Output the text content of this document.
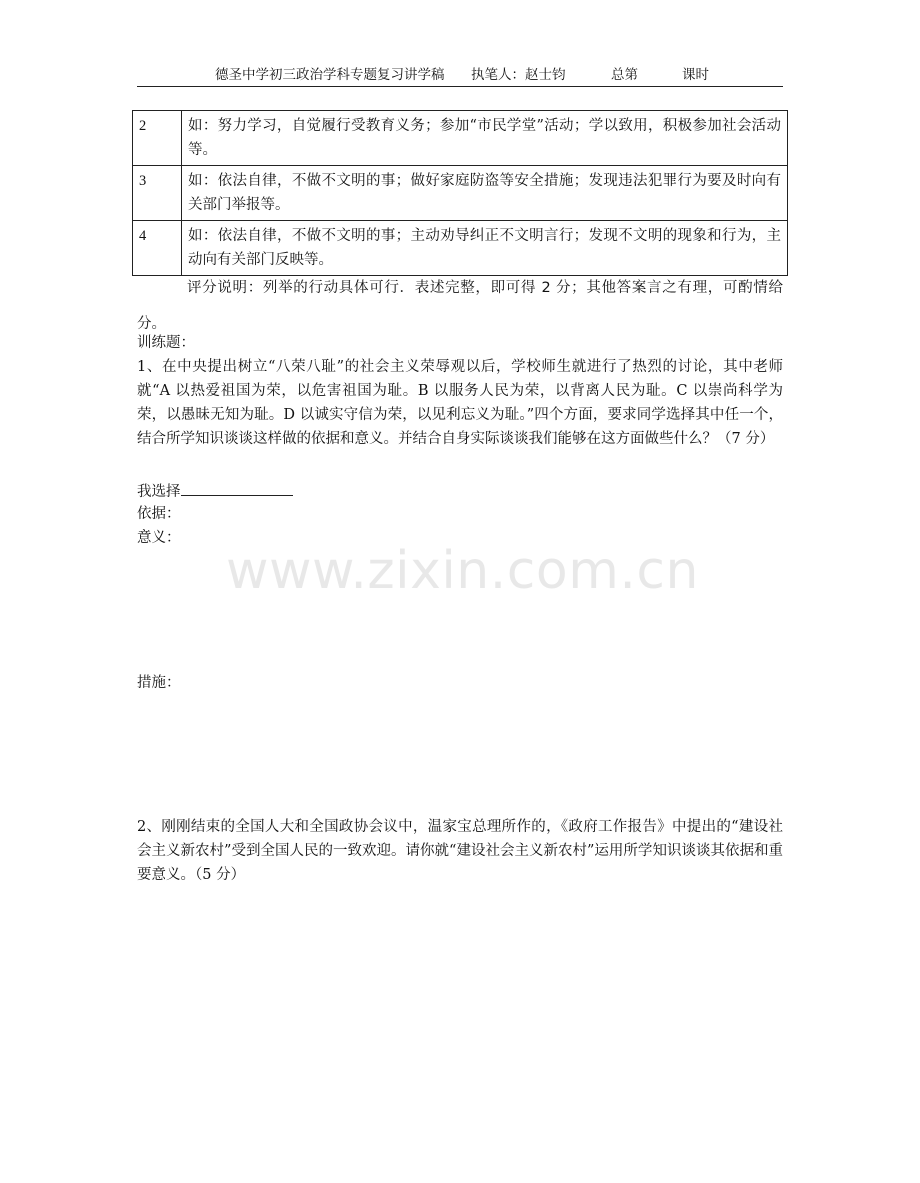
德圣中学初三政治学科专题复习讲学稿 执笔人：赵士钧	总第	课时
2	如：努力学习，自觉履行受教育义务；参加“市民学堂”活动；学以致用，积极参加社会活动等。
3	如：依法自律，不做不文明的事；做好家庭防盗等安全措施；发现违法犯罪行为要及时向有关部门举报等。
4	如：依法自律，不做不文明的事；主动劝导纠正不文明言行；发现不文明的现象和行为，主动向有关部门反映等。
评分说明：列举的行动具体可行．表述完整，即可得 2 分；其他答案言之有理，可酌情给分。
训练题：
1、在中央提出树立“八荣八耻”的社会主义荣辱观以后，学校师生就进行了热烈的讨论，其中老师就“A 以热爱祖国为荣，以危害祖国为耻。B 以服务人民为荣，以背离人民为耻。C 以崇尚科学为荣，以愚昧无知为耻。D 以诚实守信为荣，以见利忘义为耻。”四个方面，要求同学选择其中任一个，结合所学知识谈谈这样做的依据和意义。并结合自身实际谈谈我们能够在这方面做些什么？（7 分）
我选择
依据：
意义：
措施：
2、刚刚结束的全国人大和全国政协会议中，温家宝总理所作的，《政府工作报告》中提出的“建设社会主义新农村”受到全国人民的一致欢迎。请你就“建设社会主义新农村”运用所学知识谈谈其依据和重要意义。（5 分）
www.zixin.com.cn
